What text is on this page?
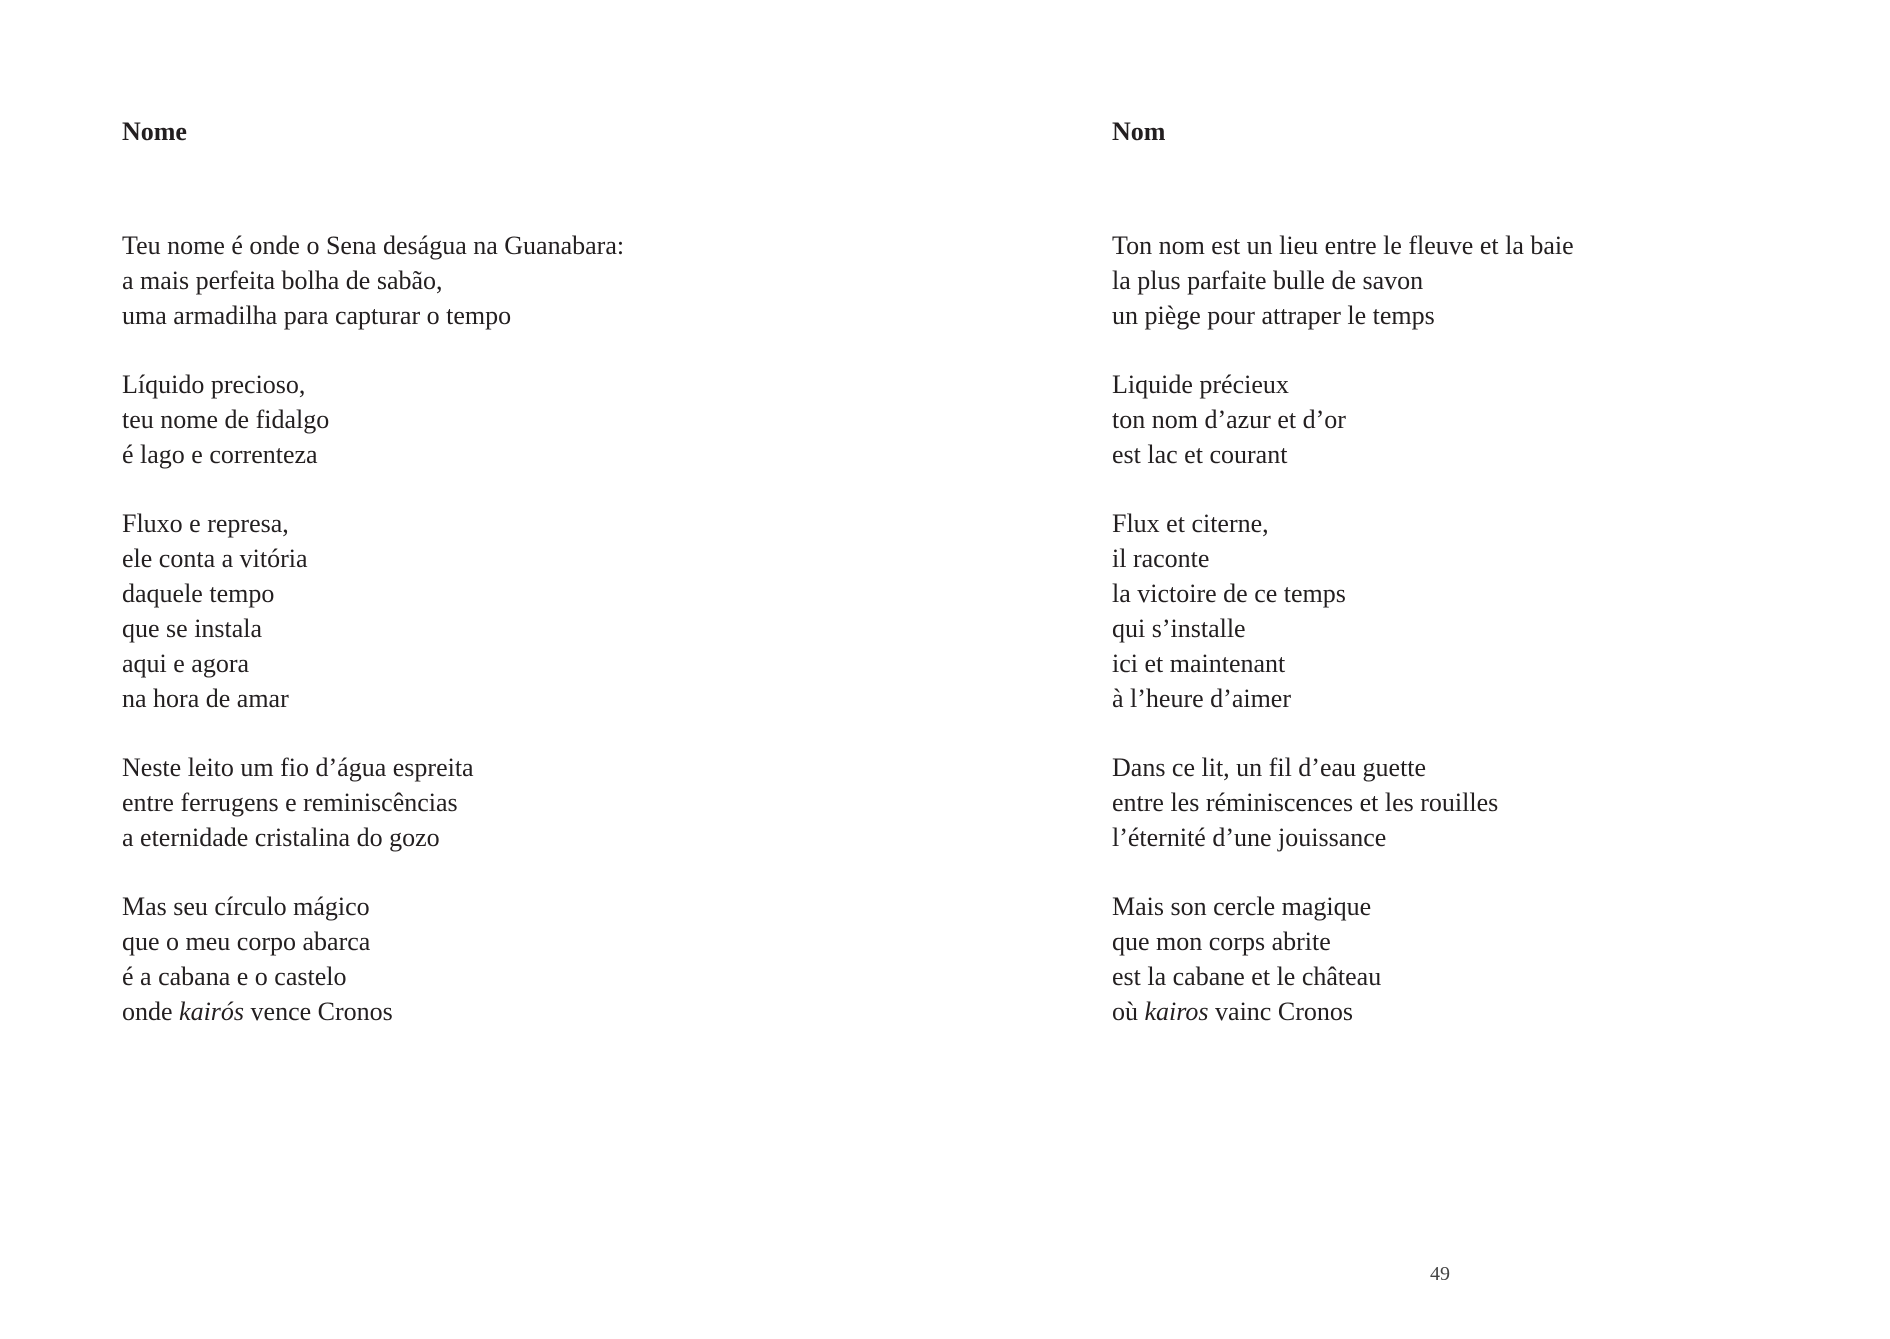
Nome
Teu nome é onde o Sena deságua na Guanabara:
a mais perfeita bolha de sabão,
uma armadilha para capturar o tempo
Líquido precioso,
teu nome de fidalgo
é lago e correnteza
Fluxo e represa,
ele conta a vitória
daquele tempo
que se instala
aqui e agora
na hora de amar
Neste leito um fio d’água espreita
entre ferrugens e reminiscências
a eternidade cristalina do gozo
Mas seu círculo mágico
que o meu corpo abarca
é a cabana e o castelo
onde kairós vence Cronos
Nom
Ton nom est un lieu entre le fleuve et la baie
la plus parfaite bulle de savon
un piège pour attraper le temps
Liquide précieux
ton nom d’azur et d’or
est lac et courant
Flux et citerne,
il raconte
la victoire de ce temps
qui s’installe
ici et maintenant
à l’heure d’aimer
Dans ce lit, un fil d’eau guette
entre les réminiscences et les rouilles
l’éternité d’une jouissance
Mais son cercle magique
que mon corps abrite
est la cabane et le château
où kairos vainc Cronos
49
